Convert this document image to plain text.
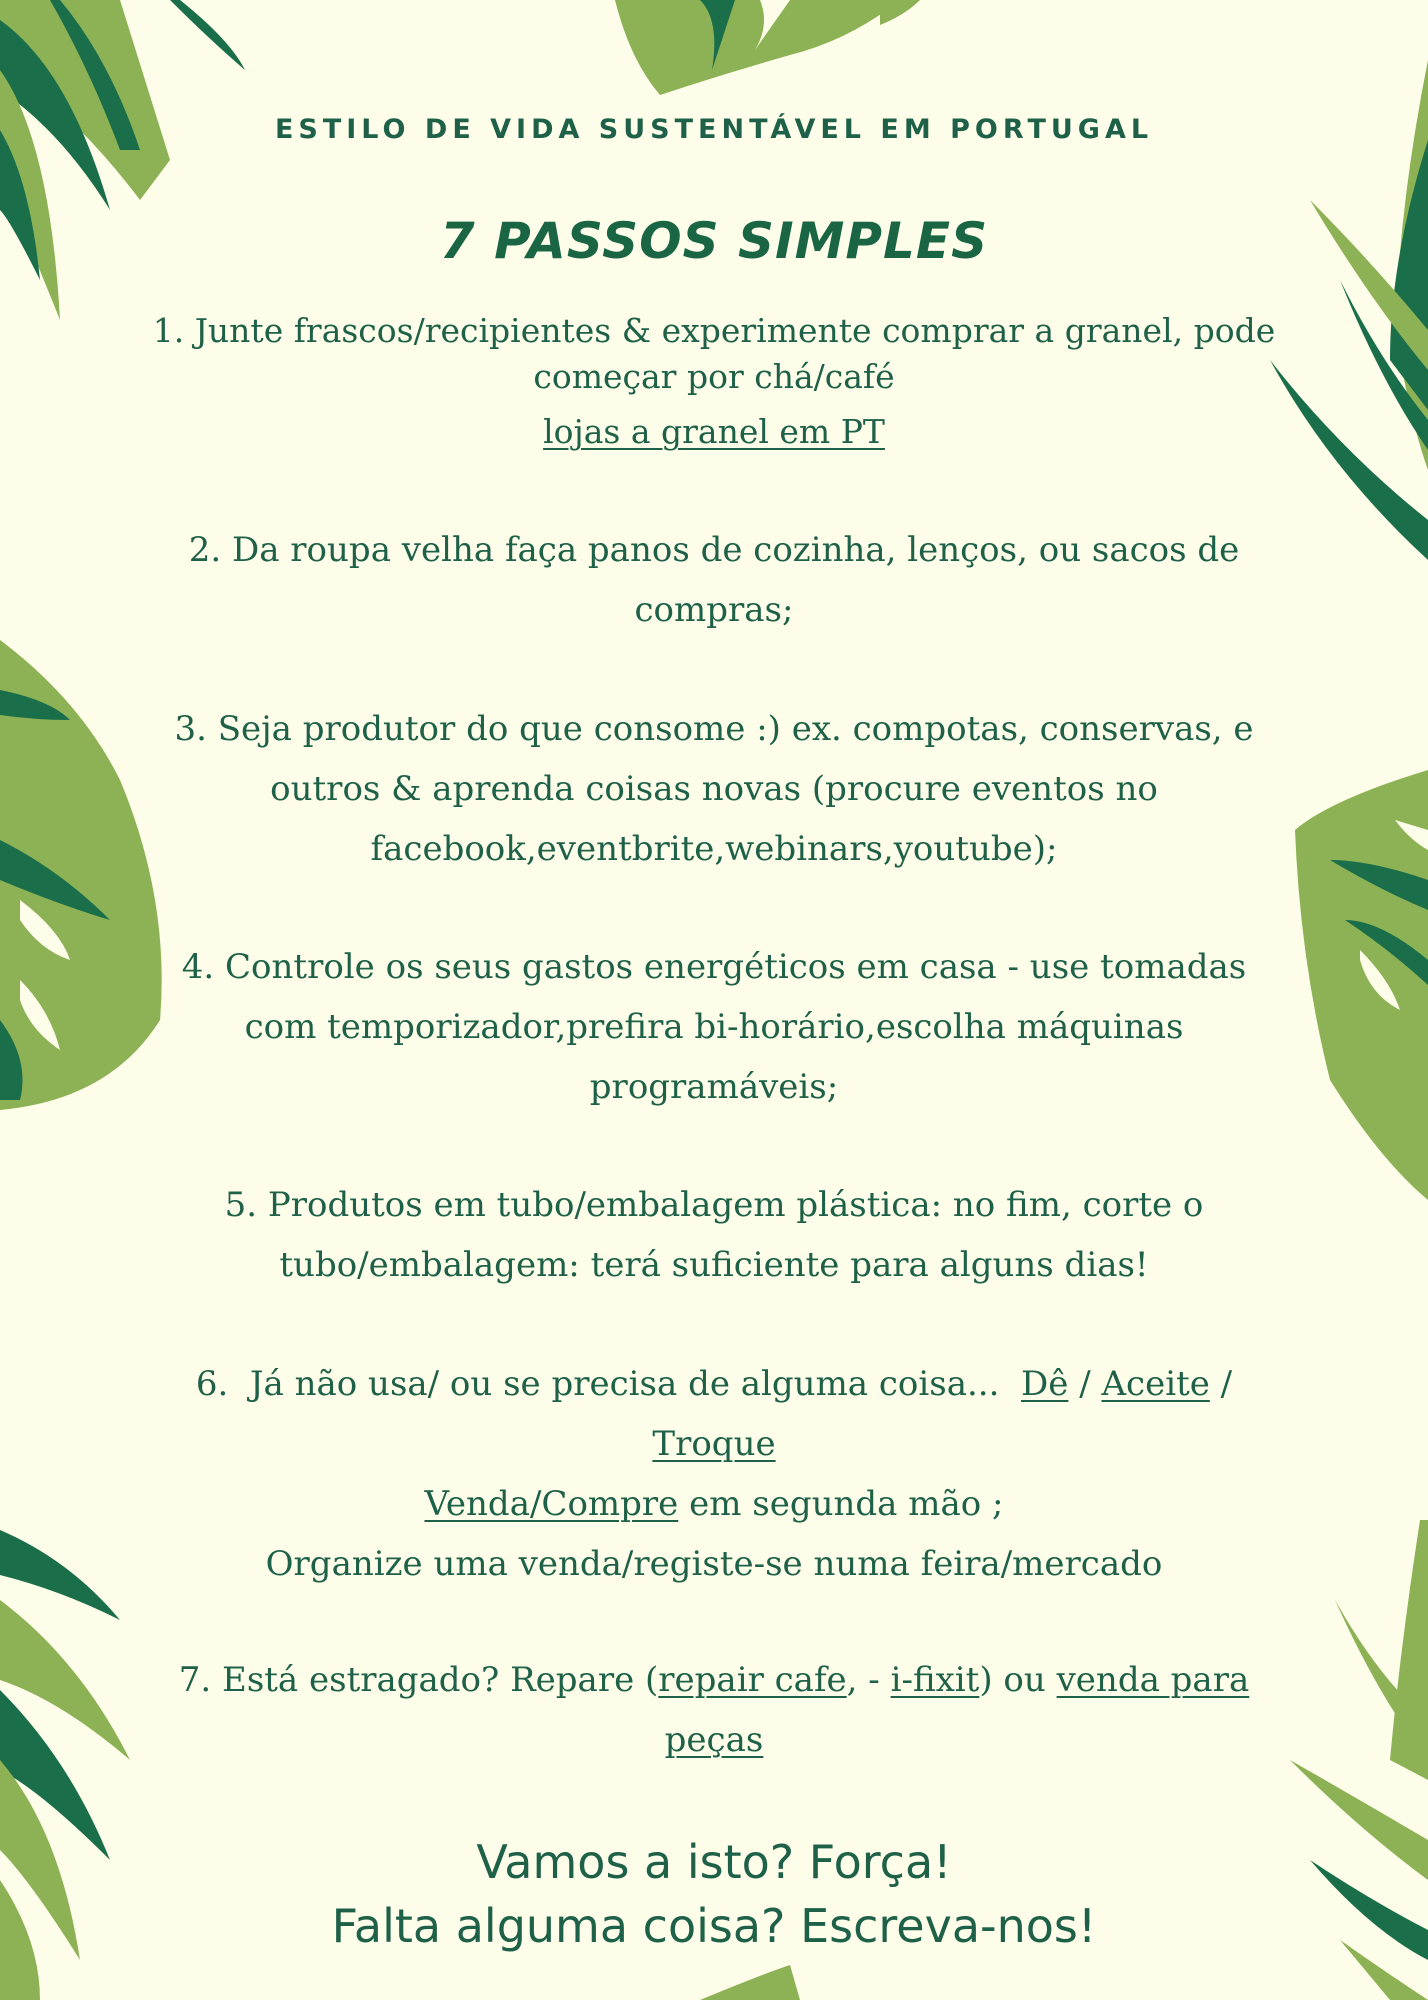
ESTILO DE VIDA SUSTENTÁVEL EM PORTUGAL

7 PASSOS SIMPLES

1. Junte frascos/recipientes & experimente comprar a granel, pode
começar por chá/café
lojas a granel em PT
2. Da roupa velha faça panos de cozinha, lenços, ou sacos de
compras;
3. Seja produtor do que consome :) ex. compotas, conservas, e
outros & aprenda coisas novas (procure eventos no
facebook,eventbrite,webinars,youtube);
4. Controle os seus gastos energéticos em casa - use tomadas
com temporizador,prefira bi-horário,escolha máquinas
programáveis;
5. Produtos em tubo/embalagem plástica: no fim, corte o
tubo/embalagem: terá suficiente para alguns dias!
6.  Já não usa/ ou se precisa de alguma coisa...  Dê / Aceite /
Troque
Venda/Compre em segunda mão ;
Organize uma venda/registe-se numa feira/mercado
7. Está estragado? Repare (repair cafe, - i-fixit) ou venda para
peças
Vamos a isto? Força!
Falta alguma coisa? Escreva-nos!
